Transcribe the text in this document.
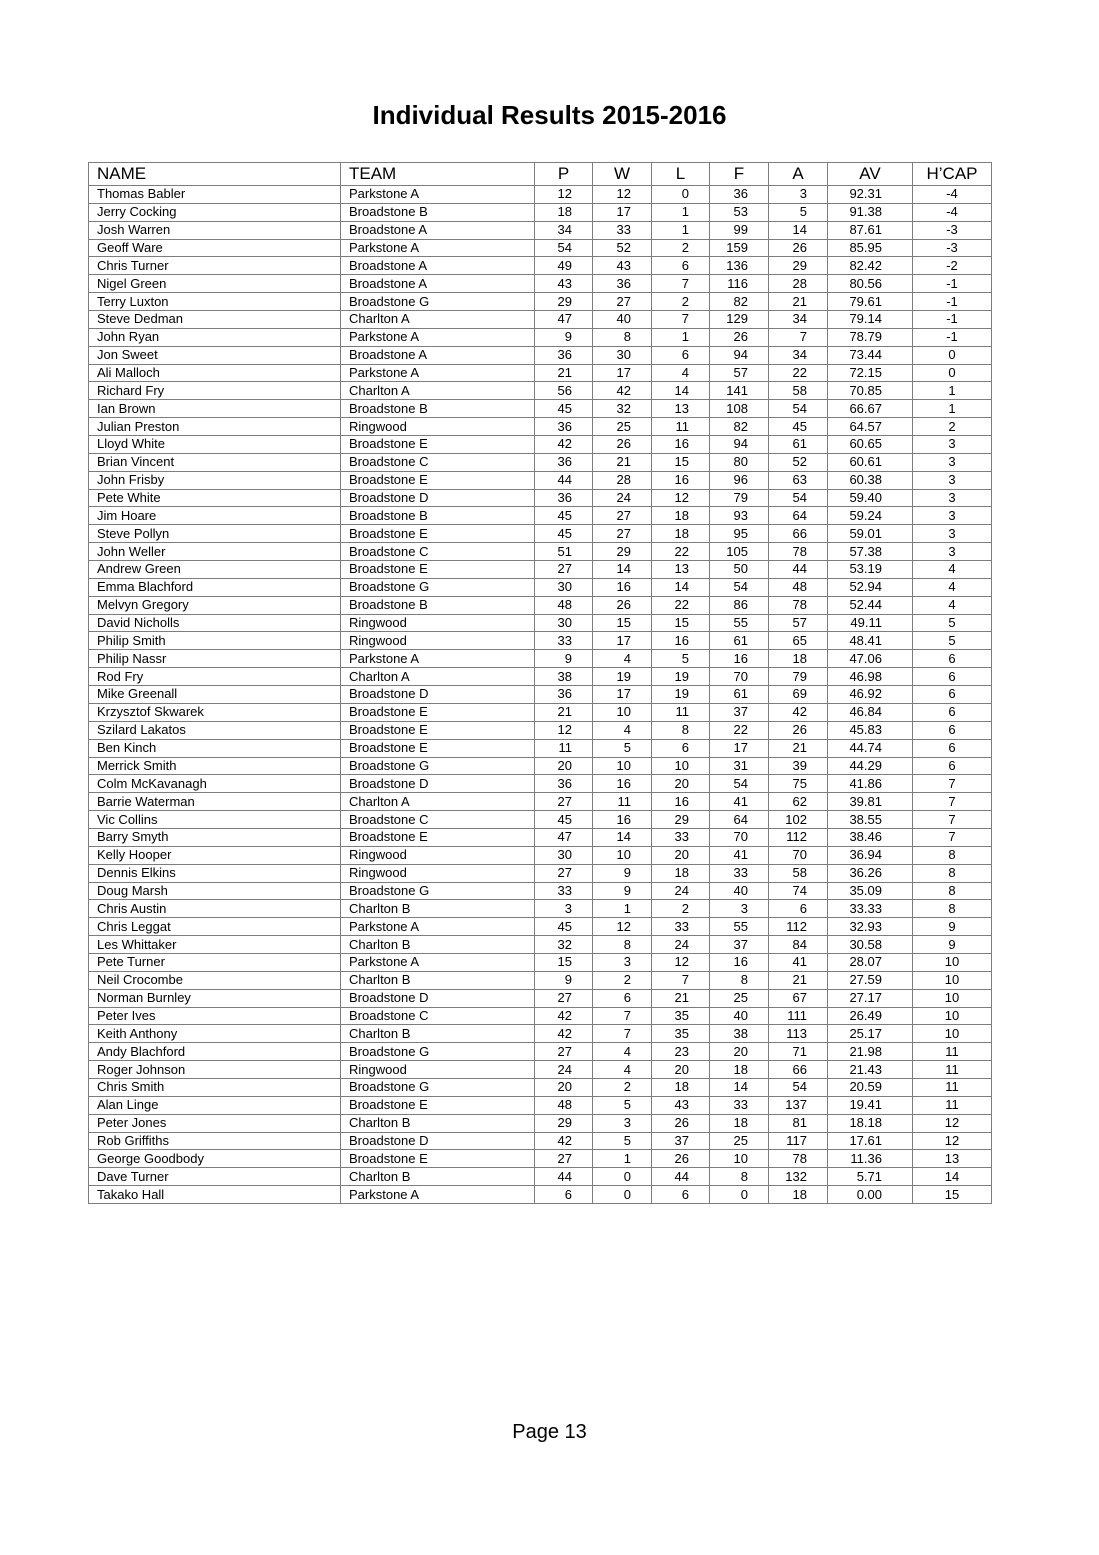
Individual Results 2015-2016
NAME	TEAM	P	W	L	F	A	AV	H’CAP
Thomas Babler	Parkstone A	12	12	0	36	3	92.31	-4
Jerry Cocking	Broadstone B	18	17	1	53	5	91.38	-4
Josh Warren	Broadstone A	34	33	1	99	14	87.61	-3
Geoff Ware	Parkstone A	54	52	2	159	26	85.95	-3
Chris Turner	Broadstone A	49	43	6	136	29	82.42	-2
Nigel Green	Broadstone A	43	36	7	116	28	80.56	-1
Terry Luxton	Broadstone G	29	27	2	82	21	79.61	-1
Steve Dedman	Charlton A	47	40	7	129	34	79.14	-1
John Ryan	Parkstone A	9	8	1	26	7	78.79	-1
Jon Sweet	Broadstone A	36	30	6	94	34	73.44	0
Ali Malloch	Parkstone A	21	17	4	57	22	72.15	0
Richard Fry	Charlton A	56	42	14	141	58	70.85	1
Ian Brown	Broadstone B	45	32	13	108	54	66.67	1
Julian Preston	Ringwood	36	25	11	82	45	64.57	2
Lloyd White	Broadstone E	42	26	16	94	61	60.65	3
Brian Vincent	Broadstone C	36	21	15	80	52	60.61	3
John Frisby	Broadstone E	44	28	16	96	63	60.38	3
Pete White	Broadstone D	36	24	12	79	54	59.40	3
Jim Hoare	Broadstone B	45	27	18	93	64	59.24	3
Steve Pollyn	Broadstone E	45	27	18	95	66	59.01	3
John Weller	Broadstone C	51	29	22	105	78	57.38	3
Andrew Green	Broadstone E	27	14	13	50	44	53.19	4
Emma Blachford	Broadstone G	30	16	14	54	48	52.94	4
Melvyn Gregory	Broadstone B	48	26	22	86	78	52.44	4
David Nicholls	Ringwood	30	15	15	55	57	49.11	5
Philip Smith	Ringwood	33	17	16	61	65	48.41	5
Philip Nassr	Parkstone A	9	4	5	16	18	47.06	6
Rod Fry	Charlton A	38	19	19	70	79	46.98	6
Mike Greenall	Broadstone D	36	17	19	61	69	46.92	6
Krzysztof Skwarek	Broadstone E	21	10	11	37	42	46.84	6
Szilard Lakatos	Broadstone E	12	4	8	22	26	45.83	6
Ben Kinch	Broadstone E	11	5	6	17	21	44.74	6
Merrick Smith	Broadstone G	20	10	10	31	39	44.29	6
Colm McKavanagh	Broadstone D	36	16	20	54	75	41.86	7
Barrie Waterman	Charlton A	27	11	16	41	62	39.81	7
Vic Collins	Broadstone C	45	16	29	64	102	38.55	7
Barry Smyth	Broadstone E	47	14	33	70	112	38.46	7
Kelly Hooper	Ringwood	30	10	20	41	70	36.94	8
Dennis Elkins	Ringwood	27	9	18	33	58	36.26	8
Doug Marsh	Broadstone G	33	9	24	40	74	35.09	8
Chris Austin	Charlton B	3	1	2	3	6	33.33	8
Chris Leggat	Parkstone A	45	12	33	55	112	32.93	9
Les Whittaker	Charlton B	32	8	24	37	84	30.58	9
Pete Turner	Parkstone A	15	3	12	16	41	28.07	10
Neil Crocombe	Charlton B	9	2	7	8	21	27.59	10
Norman Burnley	Broadstone D	27	6	21	25	67	27.17	10
Peter Ives	Broadstone C	42	7	35	40	111	26.49	10
Keith Anthony	Charlton B	42	7	35	38	113	25.17	10
Andy Blachford	Broadstone G	27	4	23	20	71	21.98	11
Roger Johnson	Ringwood	24	4	20	18	66	21.43	11
Chris Smith	Broadstone G	20	2	18	14	54	20.59	11
Alan Linge	Broadstone E	48	5	43	33	137	19.41	11
Peter Jones	Charlton B	29	3	26	18	81	18.18	12
Rob Griffiths	Broadstone D	42	5	37	25	117	17.61	12
George Goodbody	Broadstone E	27	1	26	10	78	11.36	13
Dave Turner	Charlton B	44	0	44	8	132	5.71	14
Takako Hall	Parkstone A	6	0	6	0	18	0.00	15
Page 13
